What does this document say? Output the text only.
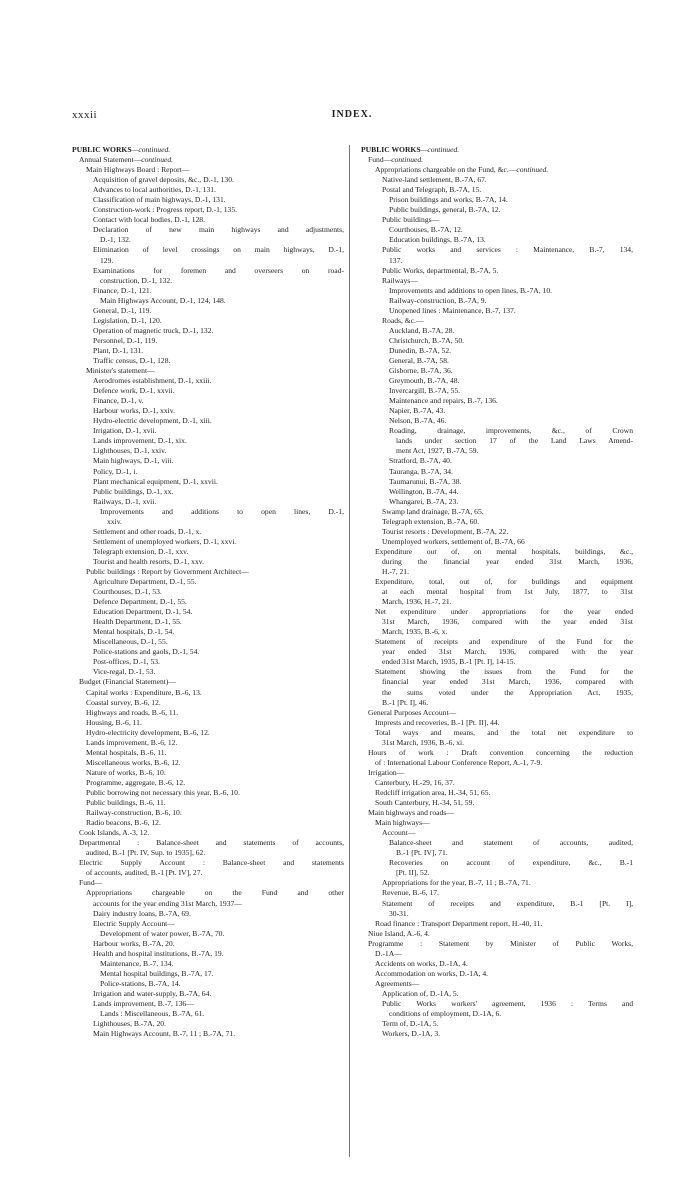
xxxii	INDEX.
PUBLIC WORKS—continued.
Annual Statement—continued.
Main Highways Board : Report—
Acquisition of gravel deposits, &c., D.-1, 130.
Advances to local authorities, D.-1, 131.
Classification of main highways, D.-1, 131.
Construction-work : Progress report, D.-1, 135.
Contact with local bodies, D.-1, 128.
Declaration of new main highways and adjustments,
D.-1, 132.
Elimination of level crossings on main highways, D.-1,
129.
Examinations for foremen and overseers on road-
construction, D.-1, 132.
Finance, D.-1, 121.
Main Highways Account, D.-1, 124, 148.
General, D.-1, 119.
Legislation, D.-1, 120.
Operation of magnetic truck, D.-1, 132.
Personnel, D.-1, 119.
Plant, D.-1, 131.
Traffic census, D.-1, 128.
Minister's statement—
Aerodromes establishment, D.-1, xxiii.
Defence work, D.-1, xxvii.
Finance, D.-1, v.
Harbour works, D.-1, xxiv.
Hydro-electric development, D.-1, xiii.
Irrigation, D.-1, xvii.
Lands improvement, D.-1, xix.
Lighthouses, D.-1, xxiv.
Main highways, D.-1, viii.
Policy, D.-1, i.
Plant mechanical equipment, D.-1, xxvii.
Public buildings, D.-1, xx.
Railways, D.-1, xvii.
Improvements and additions to open lines, D.-1,
xxiv.
Settlement and other roads, D.-1, x.
Settlement of unemployed workers, D.-1, xxvi.
Telegraph extension, D.-1, xxv.
Tourist and health resorts, D.-1, xxv.
Public buildings : Report by Government Architect—
Agriculture Department, D.-1, 55.
Courthouses, D.-1, 53.
Defence Department, D.-1, 55.
Education Department, D.-1, 54.
Health Department, D.-1, 55.
Mental hospitals, D.-1, 54.
Miscellaneous, D.-1, 55.
Police-stations and gaols, D.-1, 54.
Post-offices, D.-1, 53.
Vice-regal, D.-1, 53.
Budget (Financial Statement)—
Capital works : Expenditure, B.-6, 13.
Coastal survey, B.-6, 12.
Highways and roads, B.-6, 11.
Housing, B.-6, 11.
Hydro-electricity development, B.-6, 12.
Lands improvement, B.-6, 12.
Mental hospitals, B.-6, 11.
Miscellaneous works, B.-6, 12.
Nature of works, B.-6, 10.
Programme, aggregate, B.-6, 12.
Public borrowing not necessary this year, B.-6, 10.
Public buildings, B.-6, 11.
Railway-construction, B.-6, 10.
Radio beacons, B.-6, 12.
Cook Islands, A.-3, 12.
Departmental : Balance-sheet and statements of accounts,
audited, B.-1 [Pt. IV, Sup. to 1935], 62.
Electric Supply Account : Balance-sheet and statements
of accounts, audited, B.-1 [Pt. IV], 27.
Fund—
Appropriations chargeable on the Fund and other
accounts for the year ending 31st March, 1937—
Dairy industry loans, B.-7A, 69.
Electric Supply Account—
Development of water power, B.-7A, 70.
Harbour works, B.-7A, 20.
Health and hospital institutions, B.-7A, 19.
Maintenance, B.-7, 134.
Mental hospital buildings, B.-7A, 17.
Police-stations, B.-7A, 14.
Irrigation and water-supply, B.-7A, 64.
Lands improvement, B.-7, 136—
Lands : Miscellaneous, B.-7A, 61.
Lighthouses, B.-7A, 20.
Main Highways Account, B.-7, 11 ; B.-7A, 71.
PUBLIC WORKS—continued.
Fund—continued.
Appropriations chargeable on the Fund, &c.—continued.
Native-land settlement, B.-7A, 67.
Postal and Telegraph, B.-7A, 15.
Prison buildings and works, B.-7A, 14.
Public buildings, general, B.-7A, 12.
Public buildings—
Courthouses, B.-7A, 12.
Education buildings, B.-7A, 13.
Public works and services : Maintenance, B.-7, 134,
137.
Public Works, departmental, B.-7A, 5.
Railways—
Improvements and additions to open lines, B.-7A, 10.
Railway-construction, B.-7A, 9.
Unopened lines : Maintenance, B.-7, 137.
Roads, &c.—
Auckland, B.-7A, 28.
Christchurch, B.-7A, 50.
Dunedin, B.-7A, 52.
General, B.-7A, 58.
Gisborne, B.-7A, 36.
Greymouth, B.-7A, 48.
Invercargill, B.-7A, 55.
Maintenance and repairs, B.-7, 136.
Napier, B.-7A, 43.
Nelson, B.-7A, 46.
Roading, drainage, improvements, &c., of Crown
lands under section 17 of the Land Laws Amend-
ment Act, 1927, B.-7A, 59.
Stratford, B.-7A, 40.
Tauranga, B.-7A, 34.
Taumarunui, B.-7A, 38.
Wellington, B.-7A, 44.
Whangarei, B.-7A, 23.
Swamp land drainage, B.-7A, 65.
Telegraph extension, B.-7A, 60.
Tourist resorts : Development, B.-7A, 22.
Unemployed workers, settlement of, B.-7A, 66
Expenditure out of, on mental hospitals, buildings, &c.,
during the financial year ended 31st March, 1936,
H.-7, 21.
Expenditure, total, out of, for buildings and equipment
at each mental hospital from 1st July, 1877, to 31st
March, 1936, H.-7, 21.
Net expenditure under appropriations for the year ended
31st March, 1936, compared with the year ended 31st
March, 1935, B.-6, x.
Statement of receipts and expenditure of the Fund for the
year ended 31st March, 1936, compared with the year
ended 31st March, 1935, B.-1 [Pt. I], 14-15.
Statement showing the issues from the Fund for the
financial year ended 31st March, 1936, compared with
the sums voted under the Appropriation Act, 1935,
B.-1 [Pt. I], 46.
General Purposes Account—
Imprests and recoveries, B.-1 [Pt. II], 44.
Total ways and means, and the total net expenditure to
31st March, 1936, B.-6, xi.
Hours of work : Draft convention concerning the reduction
of : International Labour Conference Report, A.-1, 7-9.
Irrigation—
Canterbury, H.-29, 16, 37.
Redcliff irrigation area, H.-34, 51, 65.
South Canterbury, H.-34, 51, 59.
Main highways and roads—
Main highways—
Account—
Balance-sheet and statement of accounts, audited,
B.-1 [Pt. IV], 71.
Recoveries on account of expenditure, &c., B.-1
[Pt. II], 52.
Appropriations for the year, B.-7, 11 ; B.-7A, 71.
Revenue, B.-6, 17.
Statement of receipts and expenditure, B.-1 [Pt. I],
30-31.
Road finance : Transport Department report, H.-40, 11.
Niue Island, A.-6, 4.
Programme : Statement by Minister of Public Works,
D.-1A—
Accidents on works, D.-1A, 4.
Accommodation on works, D.-1A, 4.
Agreements—
Application of, D.-1A, 5.
Public Works workers' agreement, 1936 : Terms and
conditions of employment, D.-1A, 6.
Term of, D.-1A, 5.
Workers, D.-1A, 3.
